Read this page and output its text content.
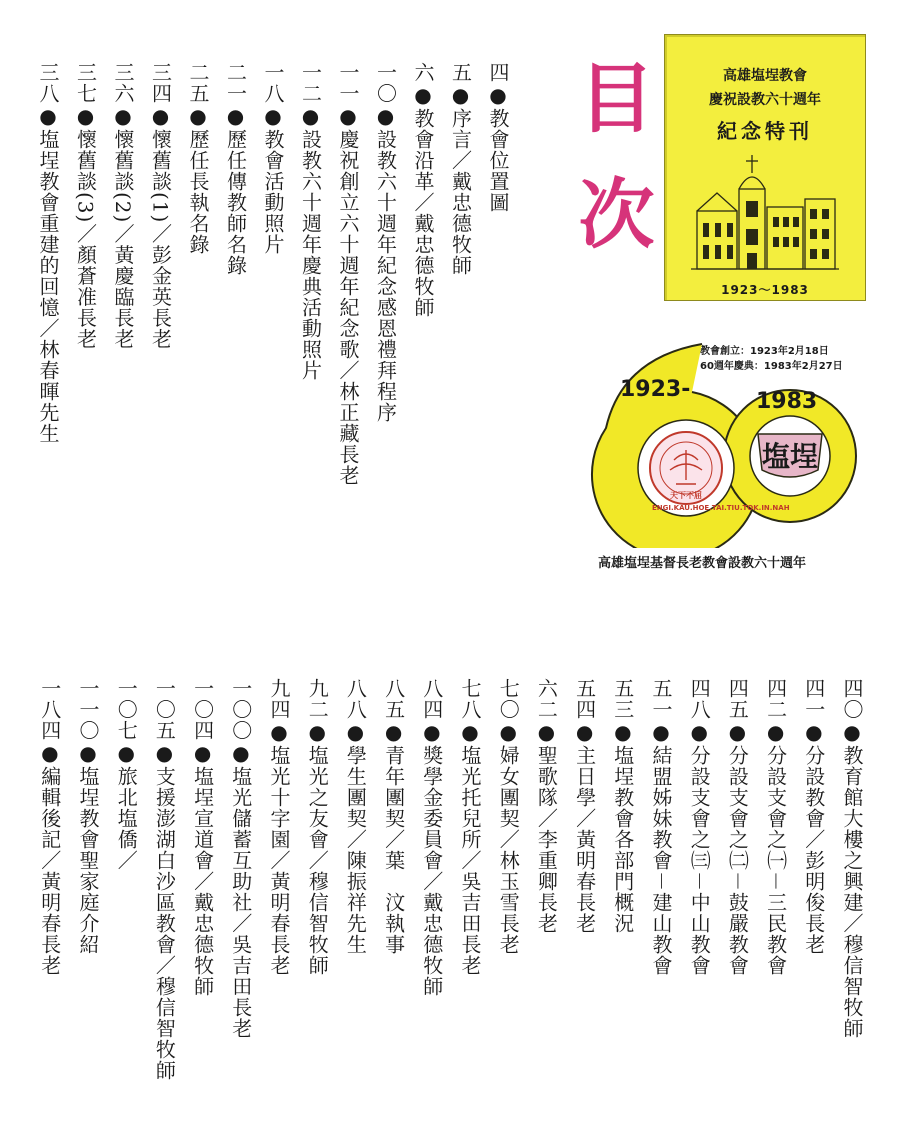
目次	高雄塩埕教會
慶祝設教六十週年
紀念特刊
1923～1983
教會創立：1923年2月18日
60週年慶典：1983年2月27日
1923-	1983
塩埕
ENGI.KAU.HOE.TAI.TIU.TOK.IN.NAH
天下不屈
高雄塩埕基督長老教會設教六十週年
四●教會位置圖
五●序言／戴忠德牧師
六●教會沿革／戴忠德牧師
一〇●設教六十週年紀念感恩禮拜程序
一一●慶祝創立六十週年紀念歌／林正藏長老
一二●設教六十週年慶典活動照片
一八●教會活動照片
二一●歷任傳教師名錄
二五●歷任長執名錄
三四●懷舊談(1)／彭金英長老
三六●懷舊談(2)／黃慶臨長老
三七●懷舊談(3)／顏蒼准長老
三八●塩埕教會重建的回憶／林春暉先生
四〇●教育館大樓之興建／穆信智牧師
四一●分設教會／彭明俊長老
四二●分設支會之㈠－三民教會
四五●分設支會之㈡－鼓嚴教會
四八●分設支會之㈢－中山教會
五一●結盟姊妹教會－建山教會
五三●塩埕教會各部門概況
五四●主日學／黃明春長老
六二●聖歌隊／李重卿長老
七〇●婦女團契／林玉雪長老
七八●塩光托兒所／吳吉田長老
八四●獎學金委員會／戴忠德牧師
八五●青年團契／葉　汶執事
八八●學生團契／陳振祥先生
九二●塩光之友會／穆信智牧師
九四●塩光十字園／黃明春長老
一〇〇●塩光儲蓄互助社／吳吉田長老
一〇四●塩埕宣道會／戴忠德牧師
一〇五●支援澎湖白沙區教會／穆信智牧師
一〇七●旅北塩僑／
一一〇●塩埕教會聖家庭介紹
一八四●編輯後記／黃明春長老
